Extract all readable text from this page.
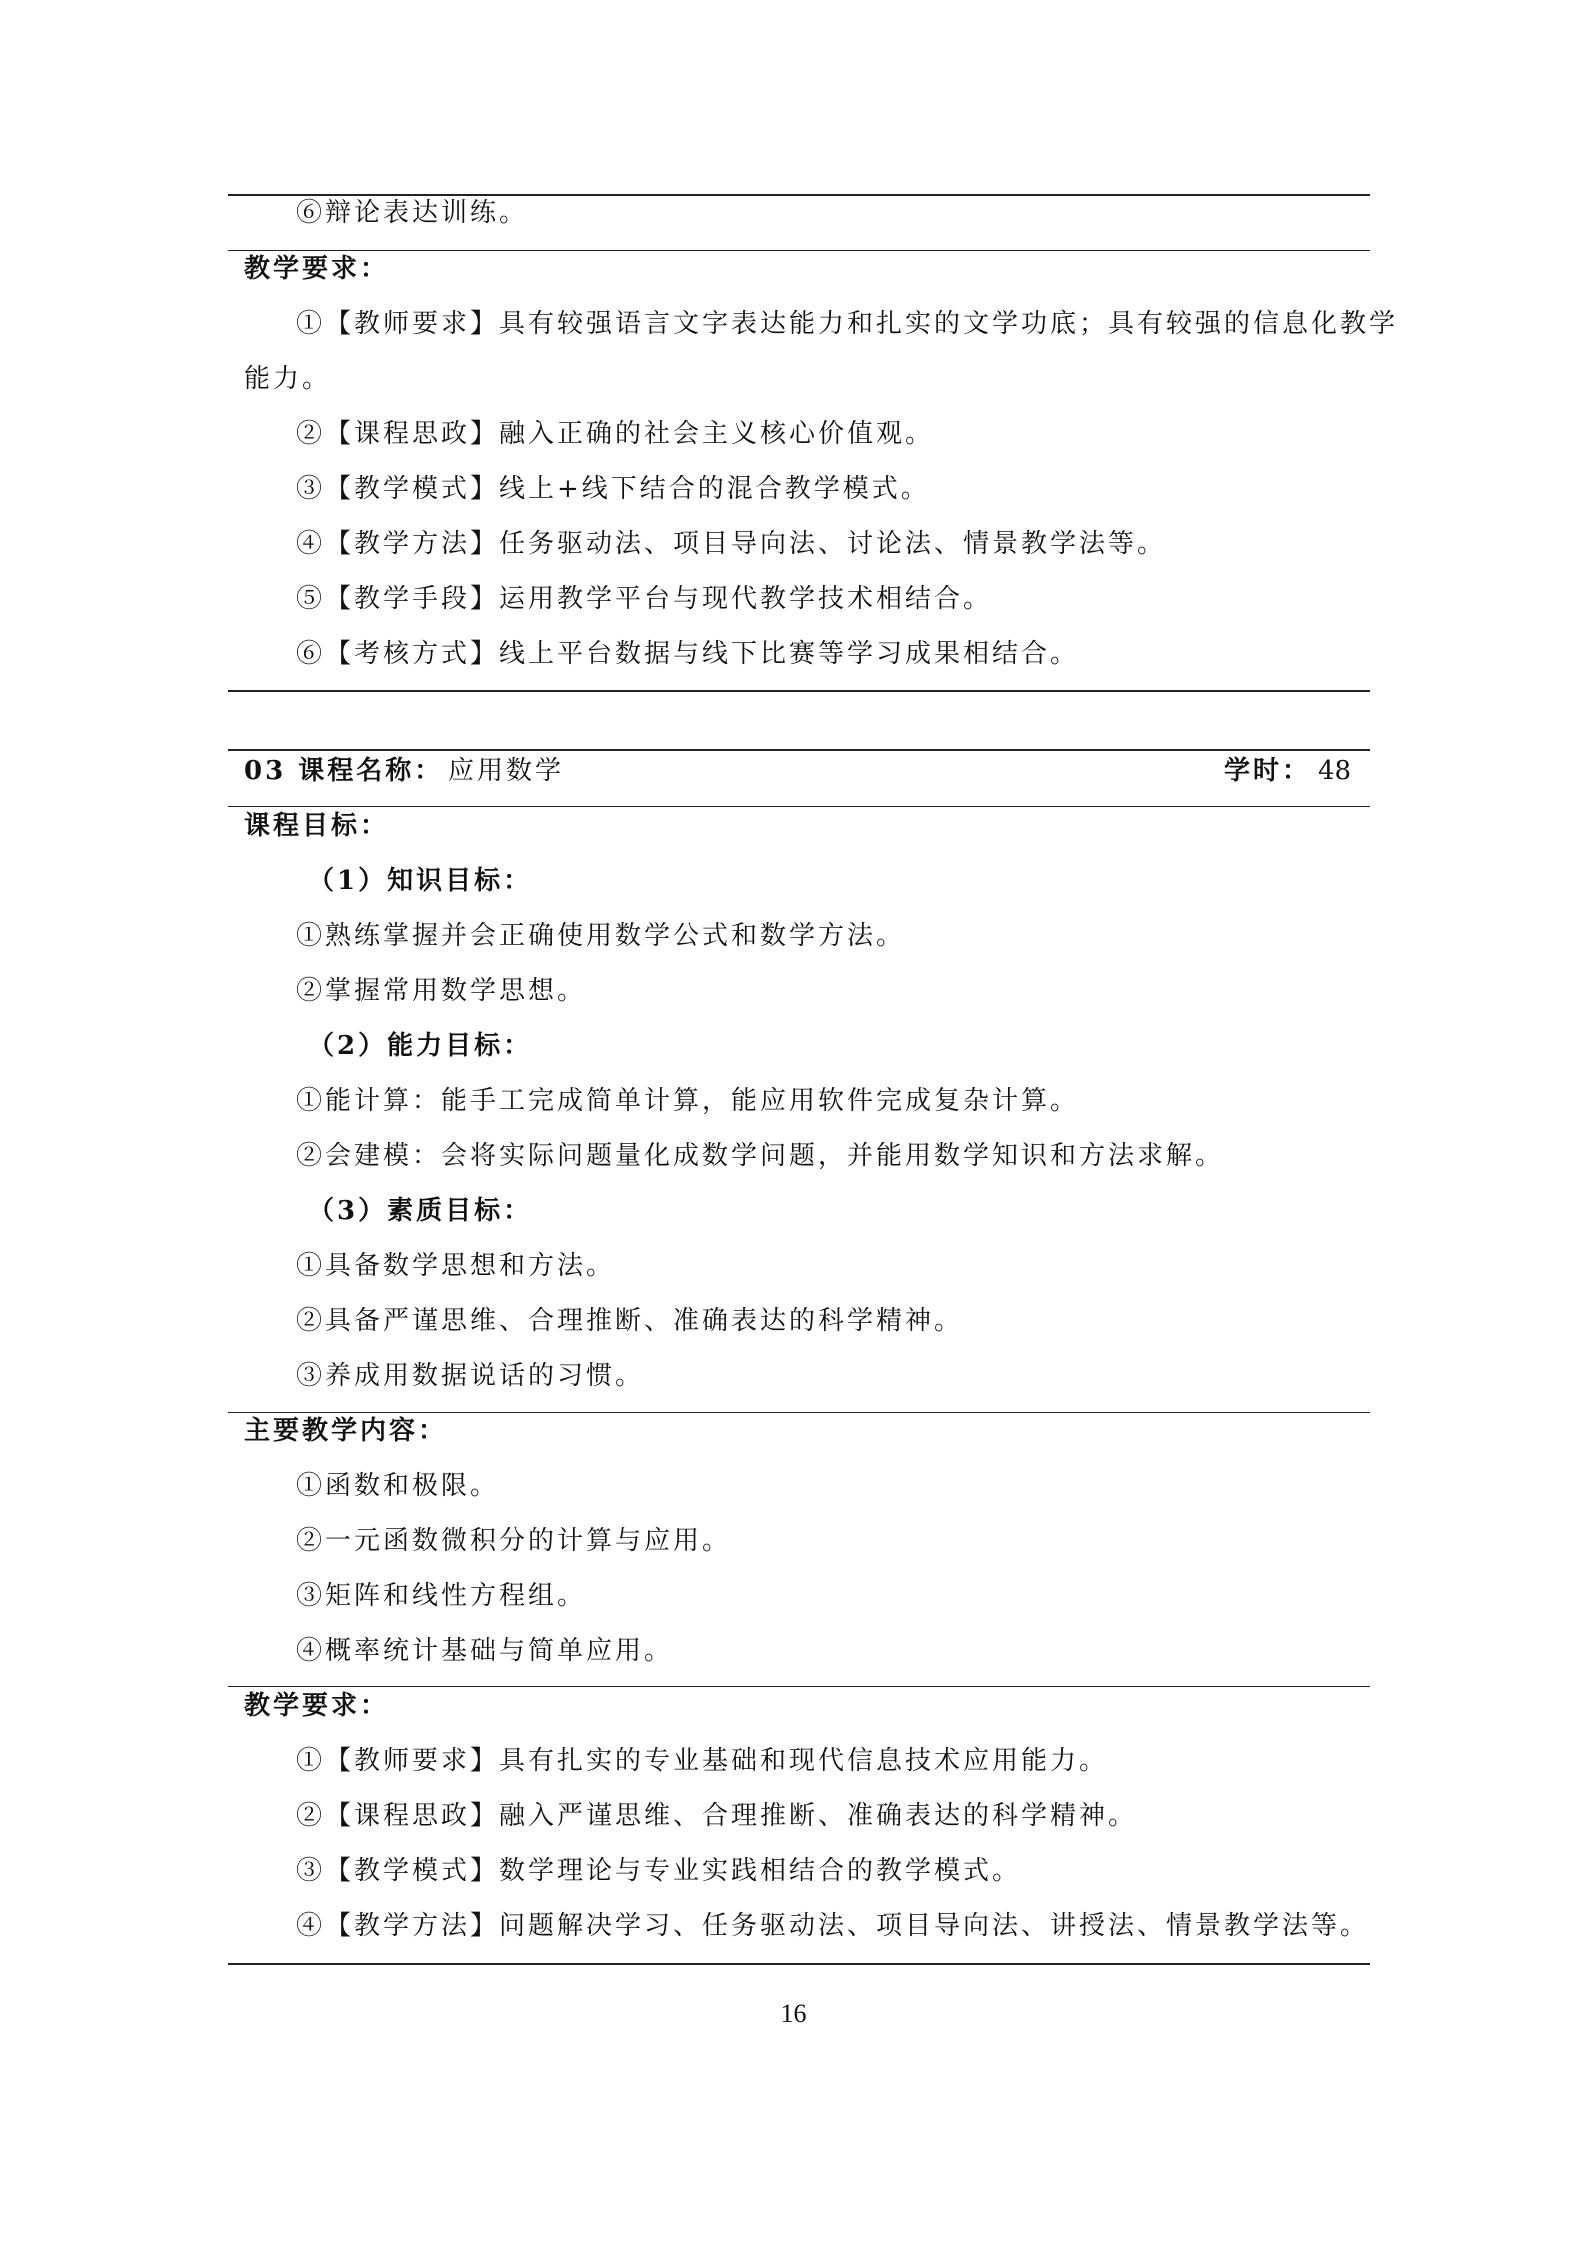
⑥辩论表达训练。
教学要求：
①【教师要求】具有较强语言文字表达能力和扎实的文学功底；具有较强的信息化教学
能力。
②【课程思政】融入正确的社会主义核心价值观。
③【教学模式】线上+线下结合的混合教学模式。
④【教学方法】任务驱动法、项目导向法、讨论法、情景教学法等。
⑤【教学手段】运用教学平台与现代教学技术相结合。
⑥【考核方式】线上平台数据与线下比赛等学习成果相结合。
03 课程名称： 应用数学	学时： 48
课程目标：
（1）知识目标：
①熟练掌握并会正确使用数学公式和数学方法。
②掌握常用数学思想。
（2）能力目标：
①能计算：能手工完成简单计算，能应用软件完成复杂计算。
②会建模：会将实际问题量化成数学问题，并能用数学知识和方法求解。
（3）素质目标：
①具备数学思想和方法。
②具备严谨思维、合理推断、准确表达的科学精神。
③养成用数据说话的习惯。
主要教学内容：
①函数和极限。
②一元函数微积分的计算与应用。
③矩阵和线性方程组。
④概率统计基础与简单应用。
教学要求：
①【教师要求】具有扎实的专业基础和现代信息技术应用能力。
②【课程思政】融入严谨思维、合理推断、准确表达的科学精神。
③【教学模式】数学理论与专业实践相结合的教学模式。
④【教学方法】问题解决学习、任务驱动法、项目导向法、讲授法、情景教学法等。
16
